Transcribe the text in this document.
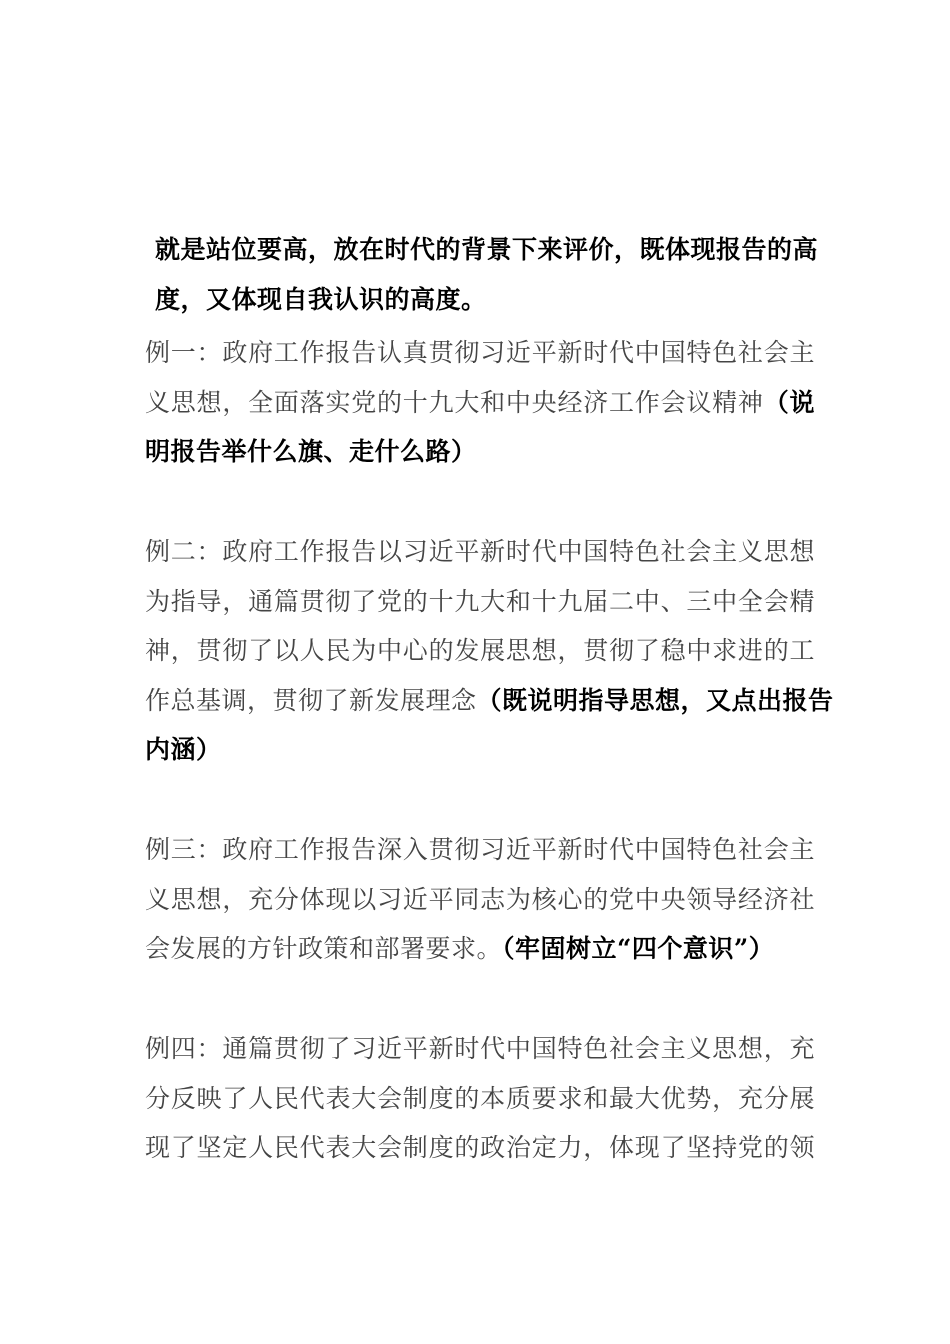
就是站位要高，放在时代的背景下来评价，既体现报告的高
度，又体现自我认识的高度。
例一：政府工作报告认真贯彻习近平新时代中国特色社会主
义思想，全面落实党的十九大和中央经济工作会议精神（说
明报告举什么旗、走什么路）
例二：政府工作报告以习近平新时代中国特色社会主义思想
为指导，通篇贯彻了党的十九大和十九届二中、三中全会精
神，贯彻了以人民为中心的发展思想，贯彻了稳中求进的工
作总基调，贯彻了新发展理念（既说明指导思想，又点出报告
内涵）
例三：政府工作报告深入贯彻习近平新时代中国特色社会主
义思想，充分体现以习近平同志为核心的党中央领导经济社
会发展的方针政策和部署要求。（牢固树立“四个意识”）
例四：通篇贯彻了习近平新时代中国特色社会主义思想，充
分反映了人民代表大会制度的本质要求和最大优势，充分展
现了坚定人民代表大会制度的政治定力，体现了坚持党的领
